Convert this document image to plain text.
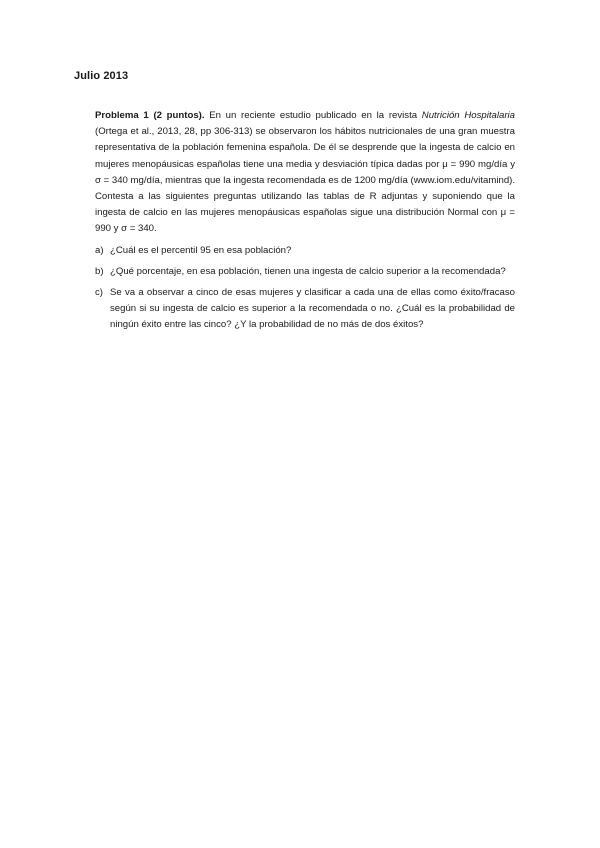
Julio 2013

Problema 1 (2 puntos). En un reciente estudio publicado en la revista Nutrición Hospitalaria (Ortega et al., 2013, 28, pp 306-313) se observaron los hábitos nutricionales de una gran muestra representativa de la población femenina española. De él se desprende que la ingesta de calcio en mujeres menopáusicas españolas tiene una media y desviación típica dadas por μ = 990 mg/día y σ = 340 mg/día, mientras que la ingesta recomendada es de 1200 mg/día (www.iom.edu/vitamind). Contesta a las siguientes preguntas utilizando las tablas de R adjuntas y suponiendo que la ingesta de calcio en las mujeres menopáusicas españolas sigue una distribución Normal con μ = 990 y σ = 340.

a) ¿Cuál es el percentil 95 en esa población?
b) ¿Qué porcentaje, en esa población, tienen una ingesta de calcio superior a la recomendada?
c) Se va a observar a cinco de esas mujeres y clasificar a cada una de ellas como éxito/fracaso según si su ingesta de calcio es superior a la recomendada o no. ¿Cuál es la probabilidad de ningún éxito entre las cinco? ¿Y la probabilidad de no más de dos éxitos?
